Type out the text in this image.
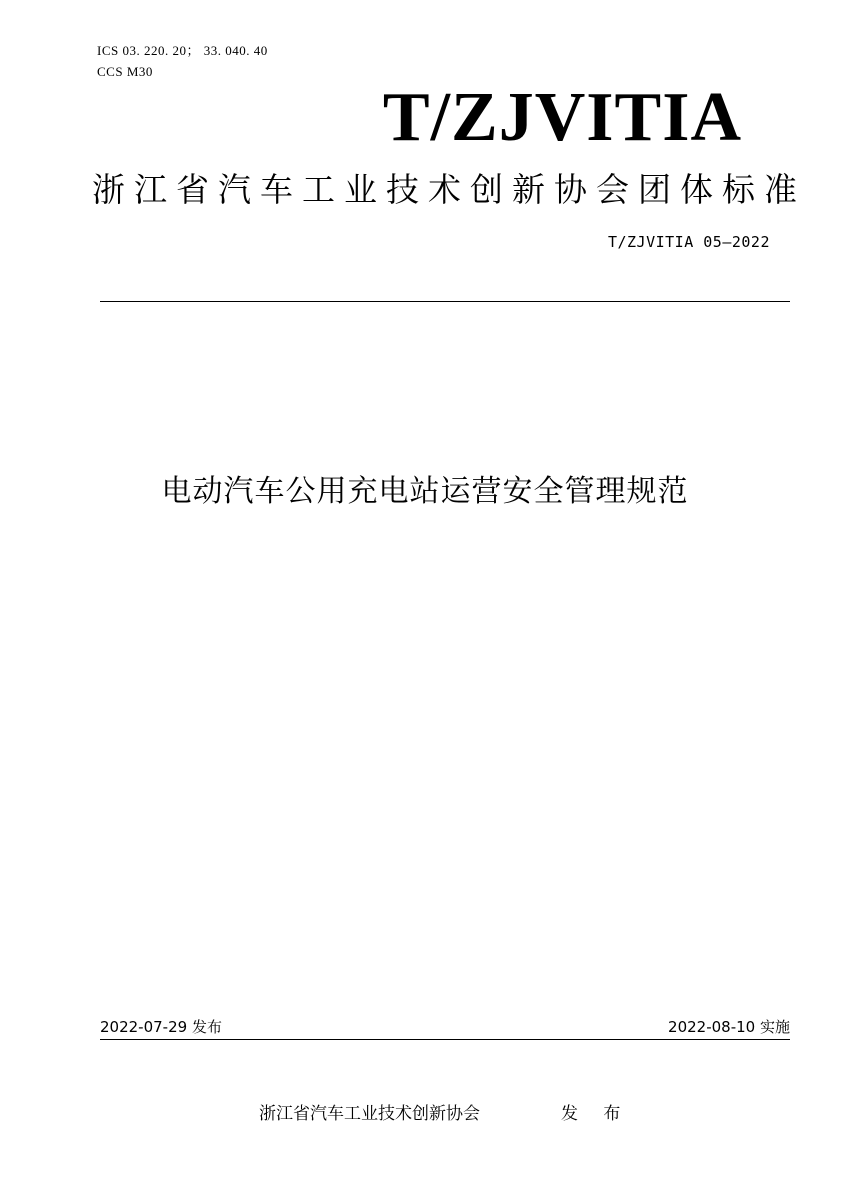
ICS 03. 220. 20； 33. 040. 40
CCS M30
T/ZJVITIA
浙江省汽车工业技术创新协会团体标准
T/ZJVITIA 05—2022
电动汽车公用充电站运营安全管理规范
2022-07-29 发布	2022-08-10 实施
浙江省汽车工业技术创新协会	发 布
